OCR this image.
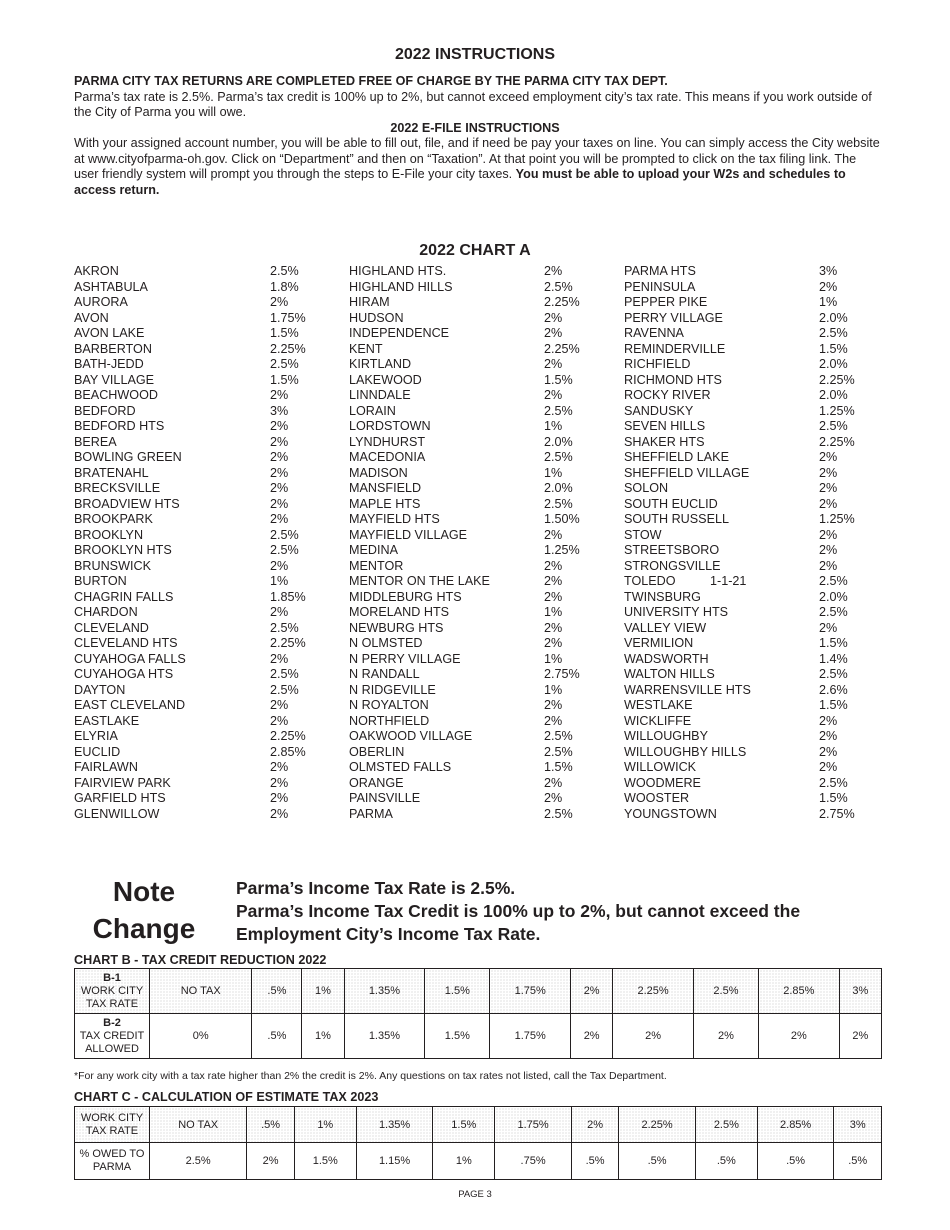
2022 INSTRUCTIONS
PARMA CITY TAX RETURNS ARE COMPLETED FREE OF CHARGE BY THE PARMA CITY TAX DEPT.
Parma’s tax rate is 2.5%. Parma’s tax credit is 100% up to 2%, but cannot exceed employment city’s tax rate. This means if you work outside of the City of Parma you will owe.
2022 E-FILE INSTRUCTIONS
With your assigned account number, you will be able to fill out, file, and if need be pay your taxes on line. You can simply access the City website at www.cityofparma-oh.gov. Click on “Department” and then on “Taxation”. At that point you will be prompted to click on the tax filing link. The user friendly system will prompt you through the steps to E-File your city taxes. You must be able to upload your W2s and schedules to access return.
2022 CHART A
AKRON	2.5%
ASHTABULA	1.8%
AURORA	2%
AVON	1.75%
AVON LAKE	1.5%
BARBERTON	2.25%
BATH-JEDD	2.5%
BAY VILLAGE	1.5%
BEACHWOOD	2%
BEDFORD	3%
BEDFORD HTS	2%
BEREA	2%
BOWLING GREEN	2%
BRATENAHL	2%
BRECKSVILLE	2%
BROADVIEW HTS	2%
BROOKPARK	2%
BROOKLYN	2.5%
BROOKLYN HTS	2.5%
BRUNSWICK	2%
BURTON	1%
CHAGRIN FALLS	1.85%
CHARDON	2%
CLEVELAND	2.5%
CLEVELAND HTS	2.25%
CUYAHOGA FALLS	2%
CUYAHOGA HTS	2.5%
DAYTON	2.5%
EAST CLEVELAND	2%
EASTLAKE	2%
ELYRIA	2.25%
EUCLID	2.85%
FAIRLAWN	2%
FAIRVIEW PARK	2%
GARFIELD HTS	2%
GLENWILLOW	2%
HIGHLAND HTS.	2%
HIGHLAND HILLS	2.5%
HIRAM	2.25%
HUDSON	2%
INDEPENDENCE	2%
KENT	2.25%
KIRTLAND	2%
LAKEWOOD	1.5%
LINNDALE	2%
LORAIN	2.5%
LORDSTOWN	1%
LYNDHURST	2.0%
MACEDONIA	2.5%
MADISON	1%
MANSFIELD	2.0%
MAPLE HTS	2.5%
MAYFIELD HTS	1.50%
MAYFIELD VILLAGE	2%
MEDINA	1.25%
MENTOR	2%
MENTOR ON THE LAKE	2%
MIDDLEBURG HTS	2%
MORELAND HTS	1%
NEWBURG HTS	2%
N OLMSTED	2%
N PERRY VILLAGE	1%
N RANDALL	2.75%
N RIDGEVILLE	1%
N ROYALTON	2%
NORTHFIELD	2%
OAKWOOD VILLAGE	2.5%
OBERLIN	2.5%
OLMSTED FALLS	1.5%
ORANGE	2%
PAINSVILLE	2%
PARMA	2.5%
PARMA HTS	3%
PENINSULA	2%
PEPPER PIKE	1%
PERRY VILLAGE	2.0%
RAVENNA	2.5%
REMINDERVILLE	1.5%
RICHFIELD	2.0%
RICHMOND HTS	2.25%
ROCKY RIVER	2.0%
SANDUSKY	1.25%
SEVEN HILLS	2.5%
SHAKER HTS	2.25%
SHEFFIELD LAKE	2%
SHEFFIELD VILLAGE	2%
SOLON	2%
SOUTH EUCLID	2%
SOUTH RUSSELL	1.25%
STOW	2%
STREETSBORO	2%
STRONGSVILLE	2%
TOLEDO	1-1-21	2.5%
TWINSBURG	2.0%
UNIVERSITY HTS	2.5%
VALLEY VIEW	2%
VERMILION	1.5%
WADSWORTH	1.4%
WALTON HILLS	2.5%
WARRENSVILLE HTS	2.6%
WESTLAKE	1.5%
WICKLIFFE	2%
WILLOUGHBY	2%
WILLOUGHBY HILLS	2%
WILLOWICK	2%
WOODMERE	2.5%
WOOSTER	1.5%
YOUNGSTOWN	2.75%
Note
Change
Parma’s Income Tax Rate is 2.5%.
Parma’s Income Tax Credit is 100% up to 2%, but cannot exceed the Employment City’s Income Tax Rate.
CHART B - TAX CREDIT REDUCTION 2022
B-1
WORK CITY TAX RATE	NO TAX	.5%	1%	1.35%	1.5%	1.75%	2%	2.25%	2.5%	2.85%	3%
B-2
TAX CREDIT ALLOWED	0%	.5%	1%	1.35%	1.5%	1.75%	2%	2%	2%	2%	2%
*For any work city with a tax rate higher than 2% the credit is 2%. Any questions on tax rates not listed, call the Tax Department.
CHART C - CALCULATION OF ESTIMATE TAX 2023
WORK CITY TAX RATE	NO TAX	.5%	1%	1.35%	1.5%	1.75%	2%	2.25%	2.5%	2.85%	3%
% OWED TO PARMA	2.5%	2%	1.5%	1.15%	1%	.75%	.5%	.5%	.5%	.5%	.5%
PAGE 3
